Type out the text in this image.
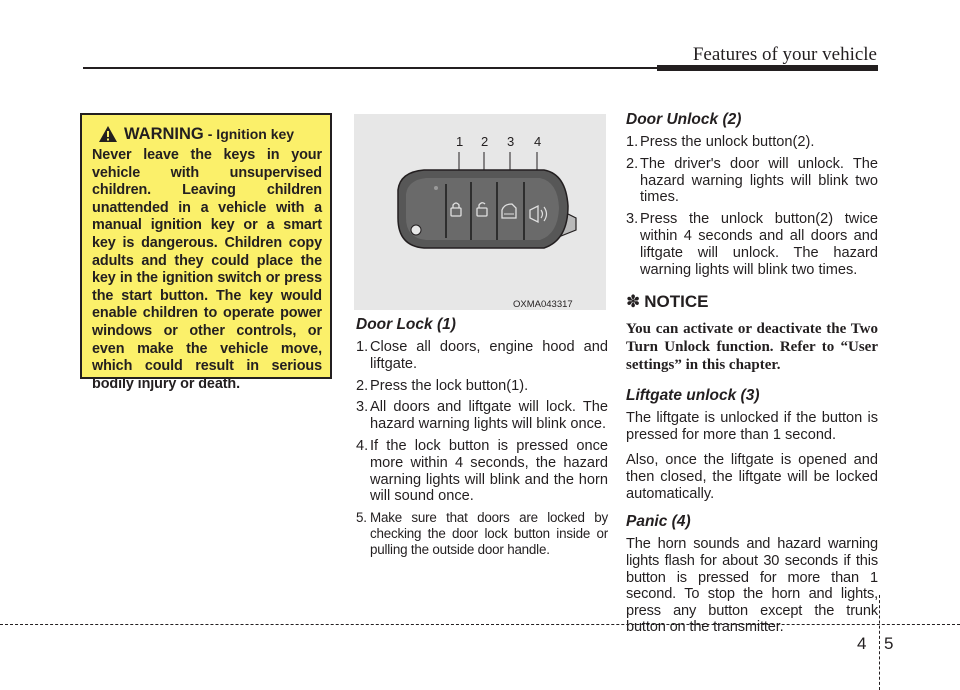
Features of your vehicle
WARNING - Ignition key

Never leave the keys in your vehicle with unsupervised children. Leaving children unattended in a vehicle with a manual ignition key or a smart key is dangerous. Children copy adults and they could place the key in the ignition switch or press the start button. The key would enable children to operate power windows or other controls, or even make the vehicle move, which could result in serious bodily injury or death.

1 2 3 4
OXMA043317
Door Lock (1)
1. Close all doors, engine hood and liftgate.
2. Press the lock button(1).
3. All doors and liftgate will lock. The hazard warning lights will blink once.
4. If the lock button is pressed once more within 4 seconds, the hazard warning lights will blink and the horn will sound once.
5. Make sure that doors are locked by checking the door lock button inside or pulling the outside door handle.
Door Unlock (2)
1. Press the unlock button(2).
2. The driver's door will unlock. The hazard warning lights will blink two times.
3. Press the unlock button(2) twice within 4 seconds and all doors and liftgate will unlock. The hazard warning lights will blink two times.
✽ NOTICE

You can activate or deactivate the Two Turn Unlock function. Refer to “User settings” in this chapter.

Liftgate unlock (3)

The liftgate is unlocked if the button is pressed for more than 1 second.

Also, once the liftgate is opened and then closed, the liftgate will be locked automatically.

Panic (4)

The horn sounds and hazard warning lights flash for about 30 seconds if this button is pressed for more than 1 second. To stop the horn and lights, press any button except the trunk button on the transmitter.

4 5
